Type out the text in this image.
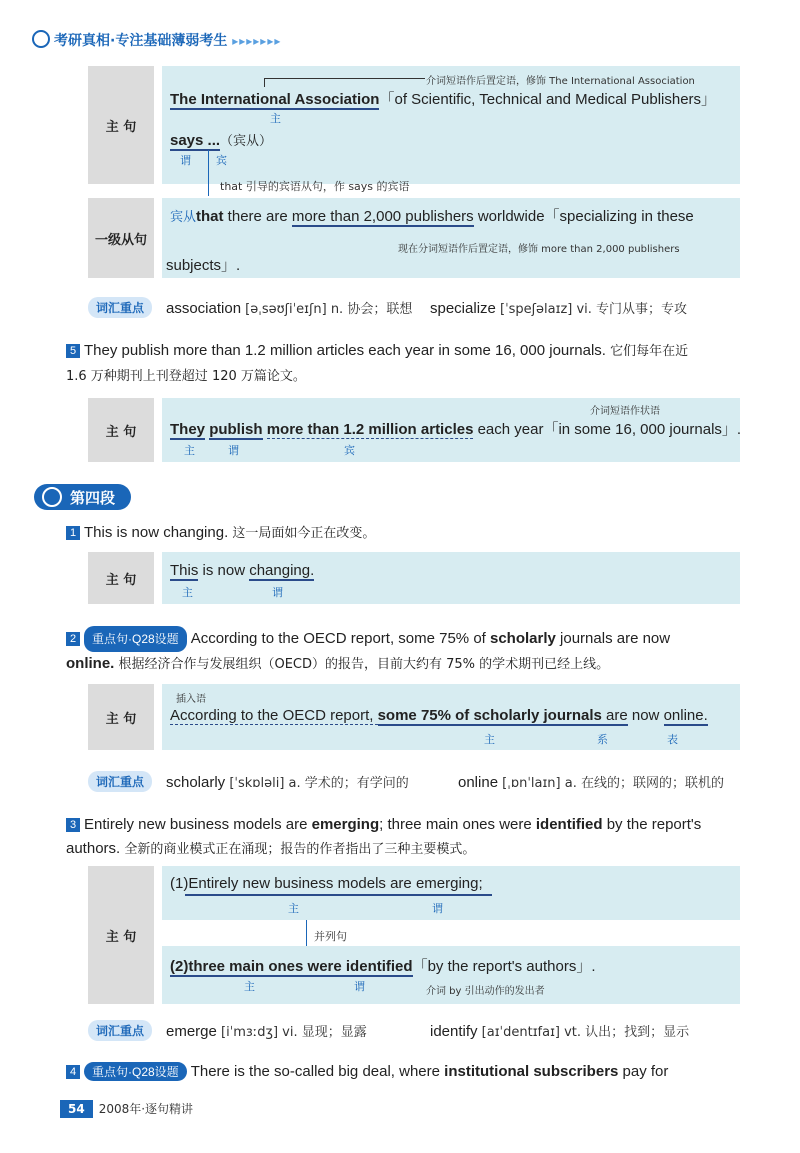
考研真相·专注基础薄弱考生 ▸▸▸▸▸▸▸
主 句
介词短语作后置定语，修饰 The International Association
The International Association「of Scientific, Technical and Medical Publishers」
主
says ...（宾从）
谓 宾
that 引导的宾语从句，作 says 的宾语
一级从句
宾从that there are more than 2,000 publishers worldwide「specializing in these
现在分词短语作后置定语，修饰 more than 2,000 publishers
subjects」.
词汇重点	association [əˌsəʊʃiˈeɪʃn] n. 协会；联想 specialize [ˈspeʃəlaɪz] vi. 专门从事；专攻
5 They publish more than 1.2 million articles each year in some 16, 000 journals. 它们每年在近
1.6 万种期刊上刊登超过 120 万篇论文。
主 句
介词短语作状语
They publish more than 1.2 million articles each year「in some 16, 000 journals」.
主	谓	宾
第四段
1 This is now changing. 这一局面如今正在改变。
主 句
This is now changing.
主	谓
2 重点句·Q28设题 According to the OECD report, some 75% of scholarly journals are now
online. 根据经济合作与发展组织（OECD）的报告，目前大约有 75% 的学术期刊已经上线。
主 句
插入语
According to the OECD report, some 75% of scholarly journals are now online.
主	系	表
词汇重点	scholarly [ˈskɒləli] a. 学术的；有学问的	online [ˌɒnˈlaɪn] a. 在线的；联网的；联机的
3 Entirely new business models are emerging; three main ones were identified by the report's
authors. 全新的商业模式正在涌现；报告的作者指出了三种主要模式。
主 句
(1)Entirely new business models are emerging;
主	谓
并列句
(2)three main ones were identified「by the report's authors」.
主	谓	介词 by 引出动作的发出者
词汇重点	emerge [iˈmɜːdʒ] vi. 显现；显露	identify [aɪˈdentɪfaɪ] vt. 认出；找到；显示
4 重点句·Q28设题 There is the so-called big deal, where institutional subscribers pay for
54 2008年·逐句精讲
